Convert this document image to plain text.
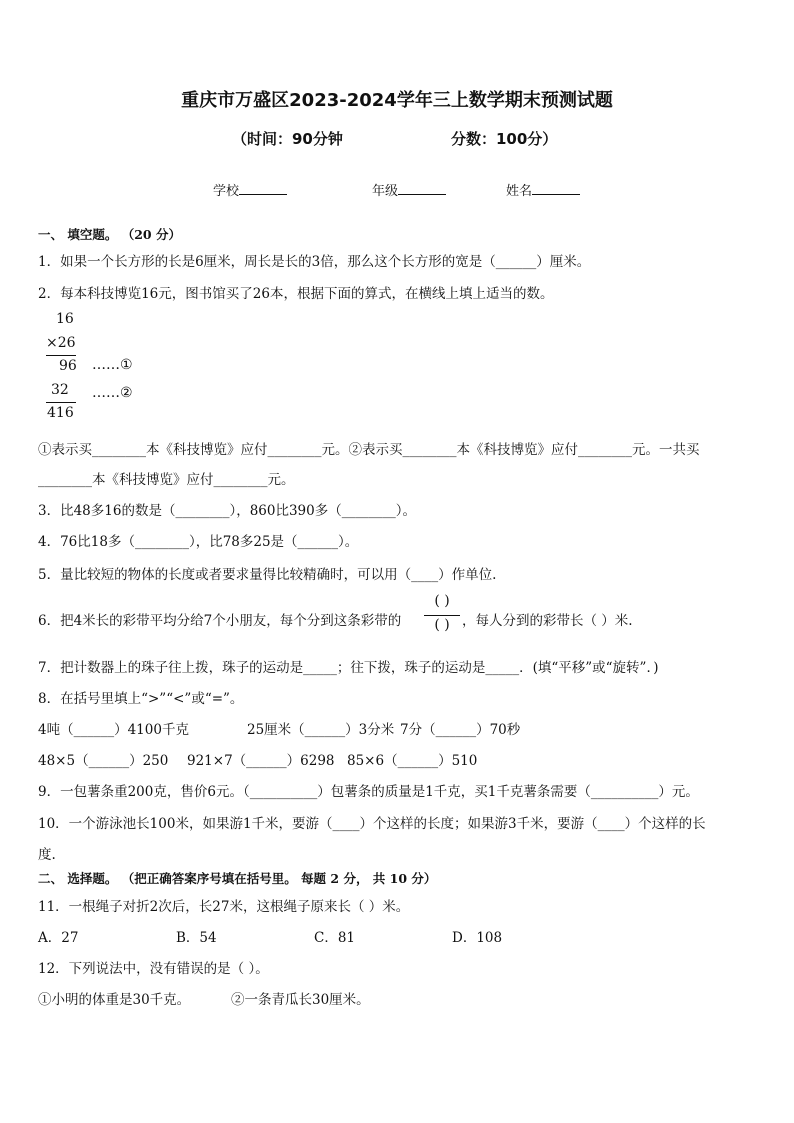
重庆市万盛区2023-2024学年三上数学期末预测试题
（时间：90分钟	分数：100分）
学校	年级	姓名
一、 填空题。 （20 分）
1．如果一个长方形的长是6厘米，周长是长的3倍，那么这个长方形的宽是（______）厘米。
2．每本科技博览16元，图书馆买了26本，根据下面的算式，在横线上填上适当的数。
16
×26
96 ……①
32 ……②
416
①表示买________本《科技博览》应付________元。②表示买________本《科技博览》应付________元。一共买
________本《科技博览》应付________元。
3．比48多16的数是（________），860比390多（________）。
4．76比18多（________），比78多25是（______）。
5．量比较短的物体的长度或者要求量得比较精确时，可以用（____）作单位.
6．把4米长的彩带平均分给7个小朋友，每个分到这条彩带的
( )
( ) ，每人分到的彩带长（ ）米.
7．把计数器上的珠子往上拨，珠子的运动是_____；往下拨，珠子的运动是_____．(填“平移”或“旋转”．)
8．在括号里填上“>”“<”或“=”。
4吨（______）4100千克	25厘米（______）3分米 7分（______）70秒
48×5（______）250 921×7（______）6298 85×6（______）510
9．一包薯条重200克，售价6元。（__________）包薯条的质量是1千克，买1千克薯条需要（__________）元。
10．一个游泳池长100米，如果游1千米，要游（____）个这样的长度；如果游3千米，要游（____）个这样的长
度.
二、 选择题。 （把正确答案序号填在括号里。 每题 2 分， 共 10 分）
11．一根绳子对折2次后，长27米，这根绳子原来长（ ）米。
A．27	B．54	C．81	D．108
12．下列说法中，没有错误的是（ ）。
①小明的体重是30千克。	②一条青瓜长30厘米。
